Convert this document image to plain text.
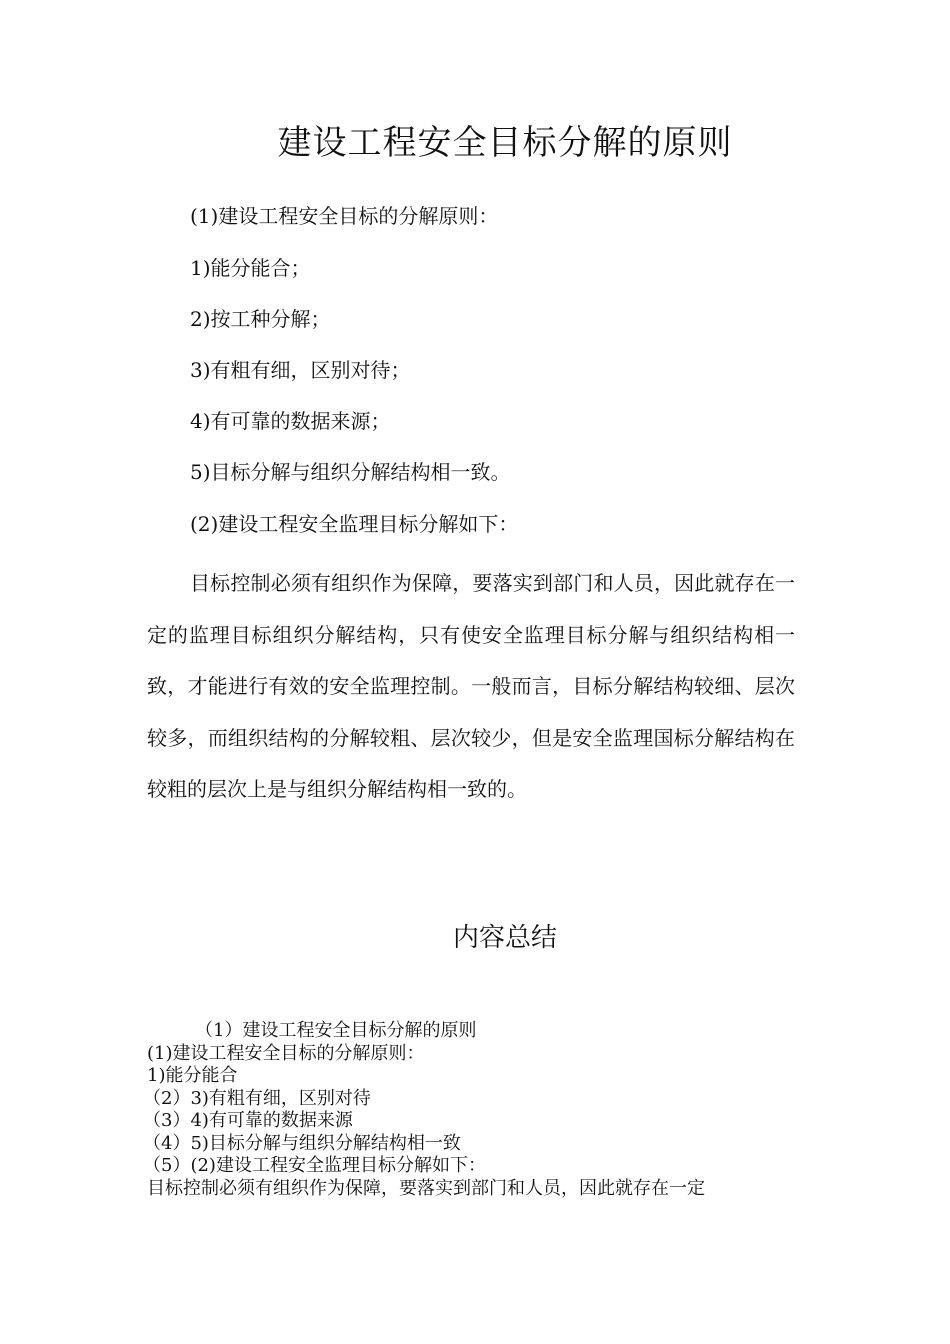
建设工程安全目标分解的原则
(1)建设工程安全目标的分解原则：
1)能分能合；
2)按工种分解；
3)有粗有细，区别对待；
4)有可靠的数据来源；
5)目标分解与组织分解结构相一致。
(2)建设工程安全监理目标分解如下：

目标控制必须有组织作为保障，要落实到部门和人员，因此就存在一定的监理目标组织分解结构，只有使安全监理目标分解与组织结构相一致，才能进行有效的安全监理控制。一般而言，目标分解结构较细、层次较多，而组织结构的分解较粗、层次较少，但是安全监理国标分解结构在较粗的层次上是与组织分解结构相一致的。

内容总结
（1）建设工程安全目标分解的原则
(1)建设工程安全目标的分解原则：
1)能分能合
（2）3)有粗有细，区别对待
（3）4)有可靠的数据来源
（4）5)目标分解与组织分解结构相一致
（5）(2)建设工程安全监理目标分解如下：
目标控制必须有组织作为保障，要落实到部门和人员，因此就存在一定
